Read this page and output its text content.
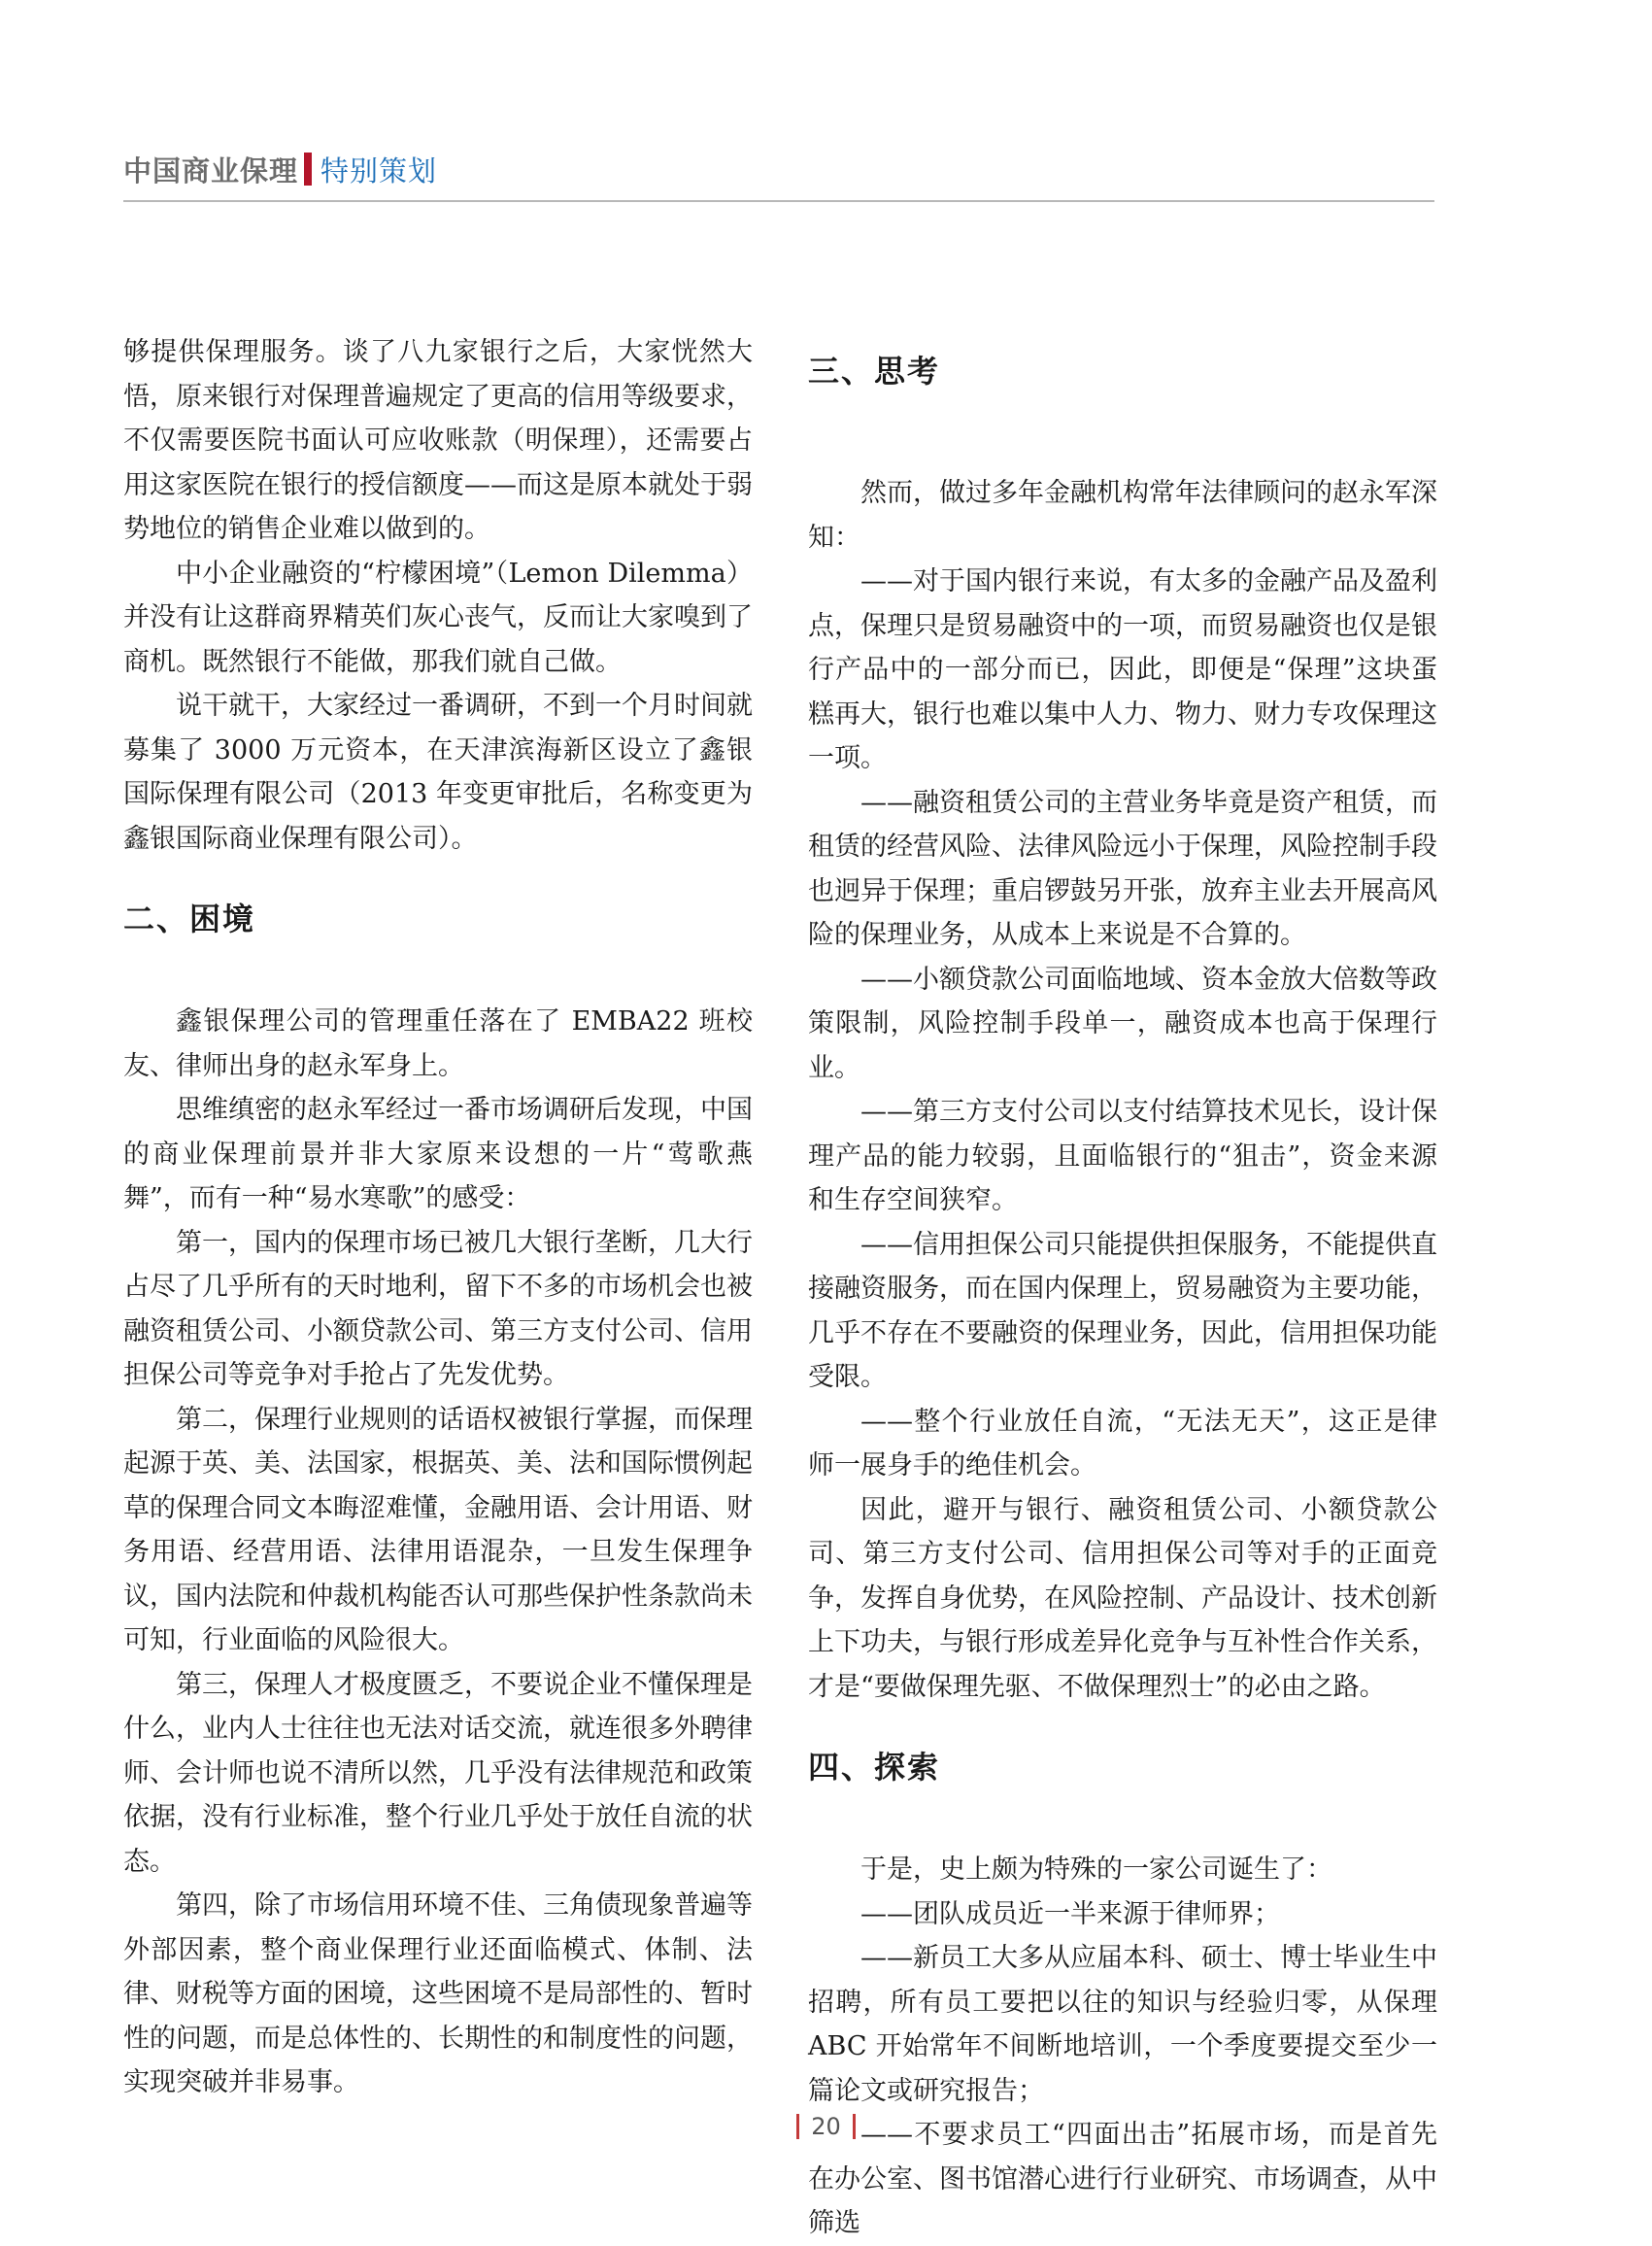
中国商业保理 特别策划

够提供保理服务。谈了八九家银行之后，大家恍然大悟，原来银行对保理普遍规定了更高的信用等级要求，不仅需要医院书面认可应收账款（明保理），还需要占用这家医院在银行的授信额度——而这是原本就处于弱势地位的销售企业难以做到的。

中小企业融资的“柠檬困境”（Lemon Dilemma）并没有让这群商界精英们灰心丧气，反而让大家嗅到了商机。既然银行不能做，那我们就自己做。

说干就干，大家经过一番调研，不到一个月时间就募集了 3000 万元资本，在天津滨海新区设立了鑫银国际保理有限公司（2013 年变更审批后，名称变更为鑫银国际商业保理有限公司）。

二、困境

鑫银保理公司的管理重任落在了 EMBA22 班校友、律师出身的赵永军身上。

思维缜密的赵永军经过一番市场调研后发现，中国的商业保理前景并非大家原来设想的一片“莺歌燕舞”，而有一种“易水寒歌”的感受：

第一，国内的保理市场已被几大银行垄断，几大行占尽了几乎所有的天时地利，留下不多的市场机会也被融资租赁公司、小额贷款公司、第三方支付公司、信用担保公司等竞争对手抢占了先发优势。

第二，保理行业规则的话语权被银行掌握，而保理起源于英、美、法国家，根据英、美、法和国际惯例起草的保理合同文本晦涩难懂，金融用语、会计用语、财务用语、经营用语、法律用语混杂，一旦发生保理争议，国内法院和仲裁机构能否认可那些保护性条款尚未可知，行业面临的风险很大。

第三，保理人才极度匮乏，不要说企业不懂保理是什么，业内人士往往也无法对话交流，就连很多外聘律师、会计师也说不清所以然，几乎没有法律规范和政策依据，没有行业标准，整个行业几乎处于放任自流的状态。

第四，除了市场信用环境不佳、三角债现象普遍等外部因素，整个商业保理行业还面临模式、体制、法律、财税等方面的困境，这些困境不是局部性的、暂时性的问题，而是总体性的、长期性的和制度性的问题，实现突破并非易事。

三、思考

然而，做过多年金融机构常年法律顾问的赵永军深知：

——对于国内银行来说，有太多的金融产品及盈利点，保理只是贸易融资中的一项，而贸易融资也仅是银行产品中的一部分而已，因此，即便是“保理”这块蛋糕再大，银行也难以集中人力、物力、财力专攻保理这一项。

——融资租赁公司的主营业务毕竟是资产租赁，而租赁的经营风险、法律风险远小于保理，风险控制手段也迥异于保理；重启锣鼓另开张，放弃主业去开展高风险的保理业务，从成本上来说是不合算的。

——小额贷款公司面临地域、资本金放大倍数等政策限制，风险控制手段单一，融资成本也高于保理行业。

——第三方支付公司以支付结算技术见长，设计保理产品的能力较弱，且面临银行的“狙击”，资金来源和生存空间狭窄。

——信用担保公司只能提供担保服务，不能提供直接融资服务，而在国内保理上，贸易融资为主要功能，几乎不存在不要融资的保理业务，因此，信用担保功能受限。

——整个行业放任自流，“无法无天”，这正是律师一展身手的绝佳机会。

因此，避开与银行、融资租赁公司、小额贷款公司、第三方支付公司、信用担保公司等对手的正面竞争，发挥自身优势，在风险控制、产品设计、技术创新上下功夫，与银行形成差异化竞争与互补性合作关系，才是“要做保理先驱、不做保理烈士”的必由之路。

四、探索

于是，史上颇为特殊的一家公司诞生了：

——团队成员近一半来源于律师界；

——新员工大多从应届本科、硕士、博士毕业生中招聘，所有员工要把以往的知识与经验归零，从保理 ABC 开始常年不间断地培训，一个季度要提交至少一篇论文或研究报告；

——不要求员工“四面出击”拓展市场，而是首先在办公室、图书馆潜心进行行业研究、市场调查，从中筛选

20
